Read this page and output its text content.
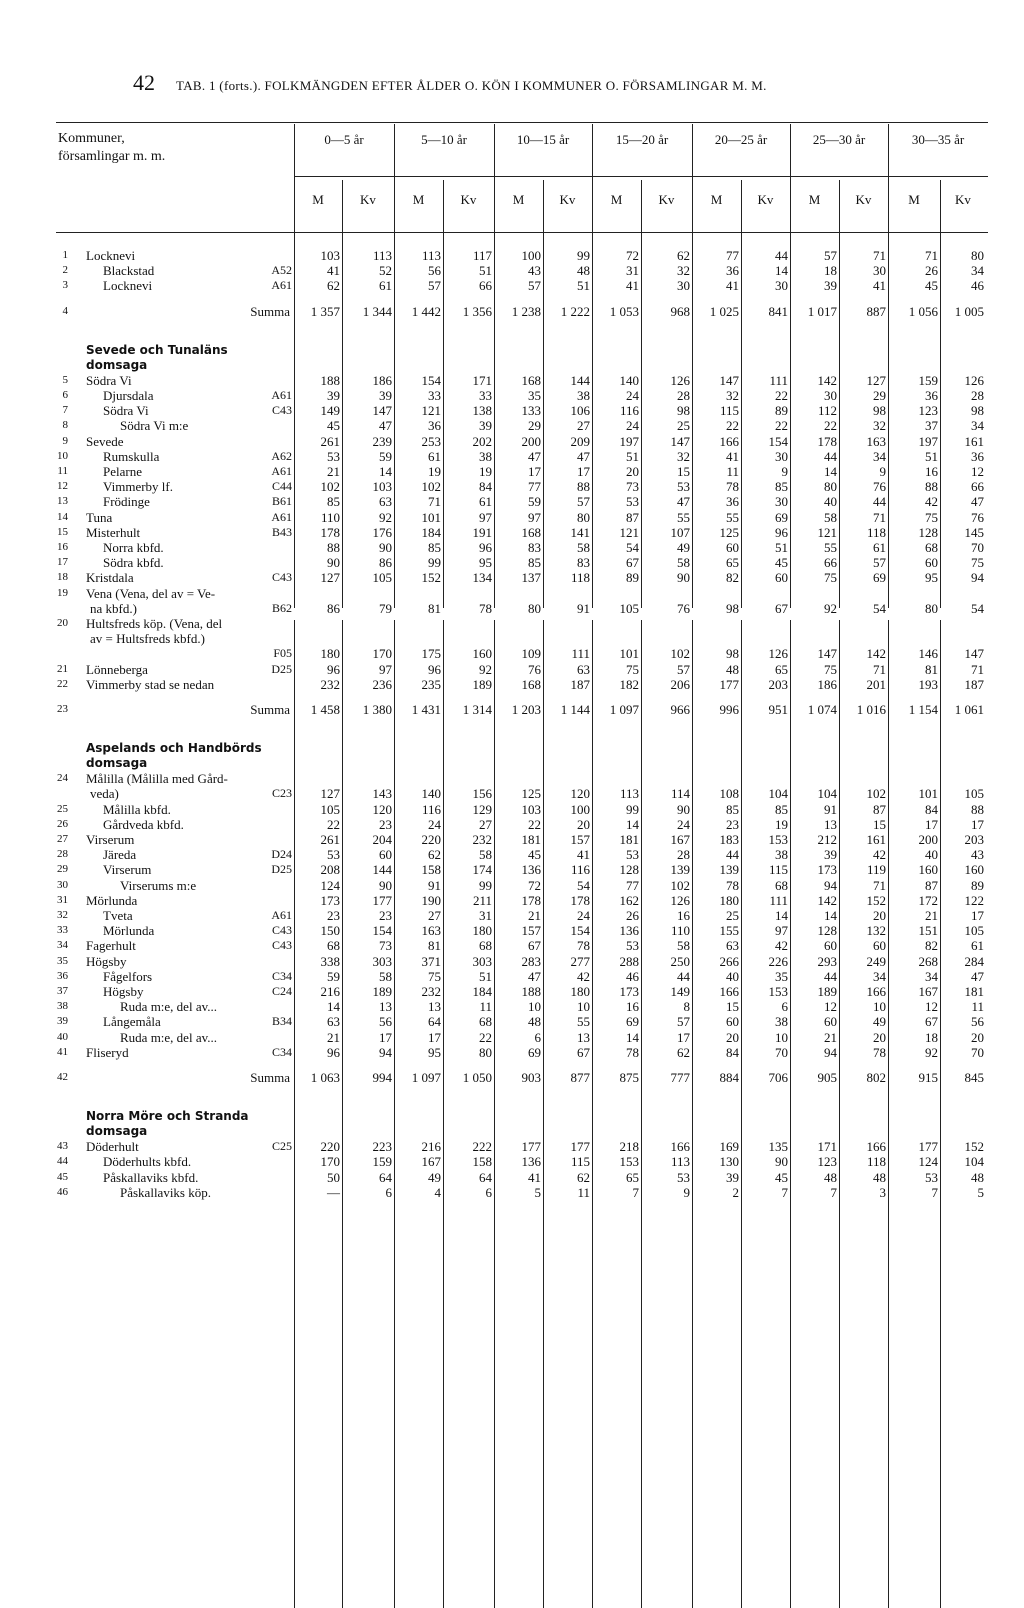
42 TAB. 1 (forts.). FOLKMÄNGDEN EFTER ÅLDER O. KÖN I KOMMUNER O. FÖRSAMLINGAR M. M.
Kommuner,
församlingar m. m.
0—5 år	5—10 år	10—15 år	15—20 år	20—25 år	25—30 år	30—35 år
M	Kv	M	Kv	M	Kv	M	Kv	M	Kv	M	Kv	M	Kv
1 Locknevi	103	113	113	117	100	99	72	62	77	44	57	71	71	80
2	Blackstad	A52	41	52	56	51	43	48	31	32	36	14	18	30	26	34
3	Locknevi	A61	62	61	57	66	57	51	41	30	41	30	39	41	45	46
4	Summa	1 357	1 344	1 442	1 356	1 238	1 222	1 053	968	1 025	841	1 017	887	1 056	1 005
Sevede och Tunaläns
domsaga
5 Södra Vi	188	186	154	171	168	144	140	126	147	111	142	127	159	126
6	Djursdala	A61	39	39	33	33	35	38	24	28	32	22	30	29	36	28
7	Södra Vi	C43	149	147	121	138	133	106	116	98	115	89	112	98	123	98
8	Södra Vi m:e	45	47	36	39	29	27	24	25	22	22	22	32	37	34
9 Sevede	261	239	253	202	200	209	197	147	166	154	178	163	197	161
10	Rumskulla	A62	53	59	61	38	47	47	51	32	41	30	44	34	51	36
11	Pelarne	A61	21	14	19	19	17	17	20	15	11	9	14	9	16	12
12	Vimmerby lf.	C44	102	103	102	84	77	88	73	53	78	85	80	76	88	66
13	Frödinge	B61	85	63	71	61	59	57	53	47	36	30	40	44	42	47
14 Tuna	A61	110	92	101	97	97	80	87	55	55	69	58	71	75	76
15 Misterhult	B43	178	176	184	191	168	141	121	107	125	96	121	118	128	145
16	Norra kbfd.	88	90	85	96	83	58	54	49	60	51	55	61	68	70
17	Södra kbfd.	90	86	99	95	85	83	67	58	65	45	66	57	60	75
18 Kristdala	C43	127	105	152	134	137	118	89	90	82	60	75	69	95	94
19 Vena (Vena, del av = Ve-
na kbfd.)	B62	86	79	81	78	80	91	105	76	98	67	92	54	80	54
20 Hultsfreds köp. (Vena, del
av = Hultsfreds kbfd.)
F05	180	170	175	160	109	111	101	102	98	126	147	142	146	147
21 Lönneberga	D25	96	97	96	92	76	63	75	57	48	65	75	71	81	71
22 Vimmerby stad se nedan	232	236	235	189	168	187	182	206	177	203	186	201	193	187
23	Summa	1 458	1 380	1 431	1 314	1 203	1 144	1 097	966	996	951	1 074	1 016	1 154	1 061
Aspelands och Handbörds
domsaga
24 Målilla (Målilla med Gård-
veda)	C23	127	143	140	156	125	120	113	114	108	104	104	102	101	105
25	Målilla kbfd.	105	120	116	129	103	100	99	90	85	85	91	87	84	88
26	Gårdveda kbfd.	22	23	24	27	22	20	14	24	23	19	13	15	17	17
27 Virserum	261	204	220	232	181	157	181	167	183	153	212	161	200	203
28	Järeda	D24	53	60	62	58	45	41	53	28	44	38	39	42	40	43
29	Virserum	D25	208	144	158	174	136	116	128	139	139	115	173	119	160	160
30	Virserums m:e	124	90	91	99	72	54	77	102	78	68	94	71	87	89
31 Mörlunda	173	177	190	211	178	178	162	126	180	111	142	152	172	122
32	Tveta	A61	23	23	27	31	21	24	26	16	25	14	14	20	21	17
33	Mörlunda	C43	150	154	163	180	157	154	136	110	155	97	128	132	151	105
34 Fagerhult	C43	68	73	81	68	67	78	53	58	63	42	60	60	82	61
35 Högsby	338	303	371	303	283	277	288	250	266	226	293	249	268	284
36	Fågelfors	C34	59	58	75	51	47	42	46	44	40	35	44	34	34	47
37	Högsby	C24	216	189	232	184	188	180	173	149	166	153	189	166	167	181
38	Ruda m:e, del av...	14	13	13	11	10	10	16	8	15	6	12	10	12	11
39	Långemåla	B34	63	56	64	68	48	55	69	57	60	38	60	49	67	56
40	Ruda m:e, del av...	21	17	17	22	6	13	14	17	20	10	21	20	18	20
41 Fliseryd	C34	96	94	95	80	69	67	78	62	84	70	94	78	92	70
42	Summa	1 063	994	1 097	1 050	903	877	875	777	884	706	905	802	915	845
Norra Möre och Stranda
domsaga
43 Döderhult	C25	220	223	216	222	177	177	218	166	169	135	171	166	177	152
44	Döderhults kbfd.	170	159	167	158	136	115	153	113	130	90	123	118	124	104
45	Påskallaviks kbfd.	50	64	49	64	41	62	65	53	39	45	48	48	53	48
46	Påskallaviks köp.	—	6	4	6	5	11	7	9	2	7	7	3	7	5
